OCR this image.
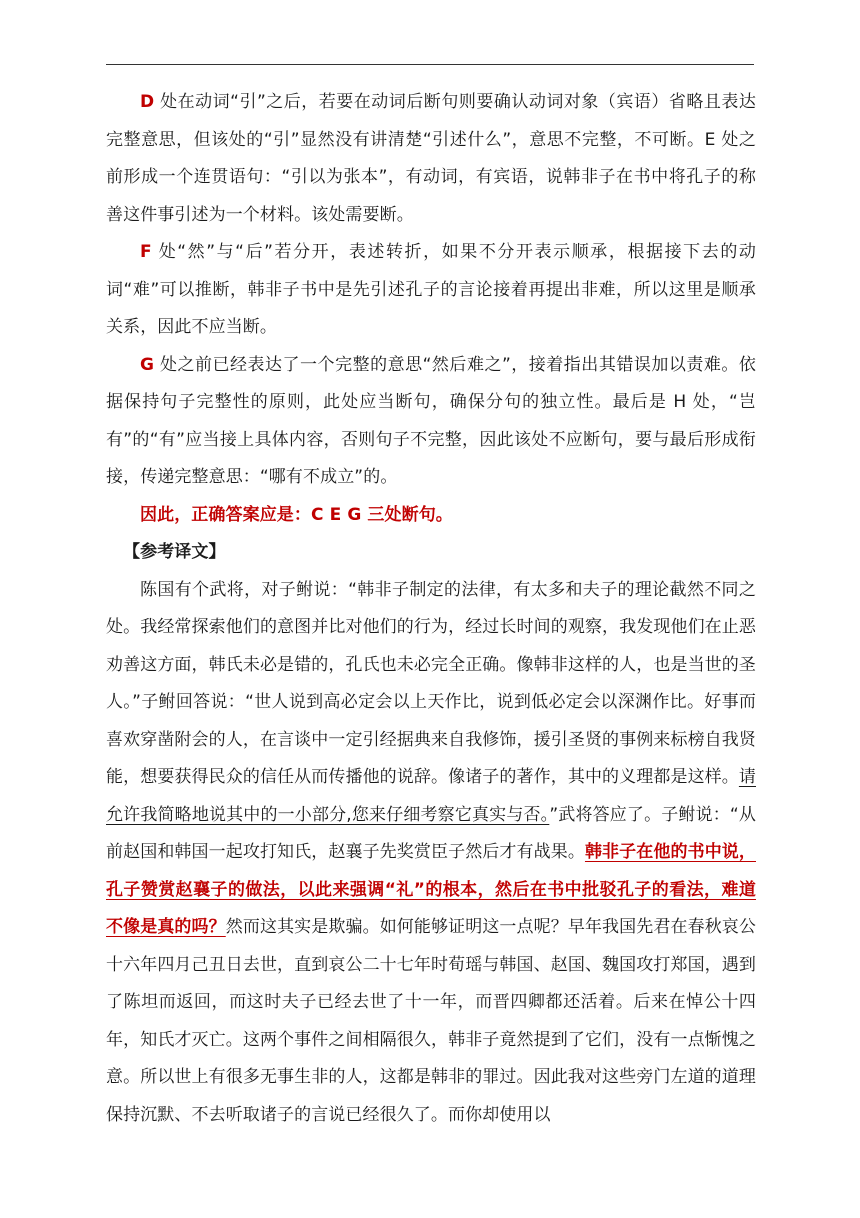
D 处在动词“引”之后，若要在动词后断句则要确认动词对象（宾语）省略且表达完整意思，但该处的“引”显然没有讲清楚“引述什么”，意思不完整，不可断。E 处之前形成一个连贯语句：“引以为张本”，有动词，有宾语，说韩非子在书中将孔子的称善这件事引述为一个材料。该处需要断。

F 处“然”与“后”若分开，表述转折，如果不分开表示顺承，根据接下去的动词“难”可以推断，韩非子书中是先引述孔子的言论接着再提出非难，所以这里是顺承关系，因此不应当断。

G 处之前已经表达了一个完整的意思“然后难之”，接着指出其错误加以责难。依据保持句子完整性的原则，此处应当断句，确保分句的独立性。最后是 H 处，“岂有”的“有”应当接上具体内容，否则句子不完整，因此该处不应断句，要与最后形成衔接，传递完整意思：“哪有不成立”的。

因此，正确答案应是：C E G 三处断句。

【参考译文】

陈国有个武将，对子鲋说：“韩非子制定的法律，有太多和夫子的理论截然不同之处。我经常探索他们的意图并比对他们的行为，经过长时间的观察，我发现他们在止恶劝善这方面，韩氏未必是错的，孔氏也未必完全正确。像韩非这样的人，也是当世的圣人。”子鲋回答说：“世人说到高必定会以上天作比，说到低必定会以深渊作比。好事而喜欢穿凿附会的人，在言谈中一定引经据典来自我修饰，援引圣贤的事例来标榜自我贤能，想要获得民众的信任从而传播他的说辞。像诸子的著作，其中的义理都是这样。请允许我简略地说其中的一小部分,您来仔细考察它真实与否。”武将答应了。子鲋说：“从前赵国和韩国一起攻打知氏，赵襄子先奖赏臣子然后才有战果。韩非子在他的书中说，孔子赞赏赵襄子的做法，以此来强调“礼”的根本，然后在书中批驳孔子的看法，难道不像是真的吗？然而这其实是欺骗。如何能够证明这一点呢？早年我国先君在春秋哀公十六年四月己丑日去世，直到哀公二十七年时荀瑶与韩国、赵国、魏国攻打郑国，遇到了陈坦而返回，而这时夫子已经去世了十一年，而晋四卿都还活着。后来在悼公十四年，知氏才灭亡。这两个事件之间相隔很久，韩非子竟然提到了它们，没有一点惭愧之意。所以世上有很多无事生非的人，这都是韩非的罪过。因此我对这些旁门左道的道理保持沉默、不去听取诸子的言说已经很久了。而你却使用以
